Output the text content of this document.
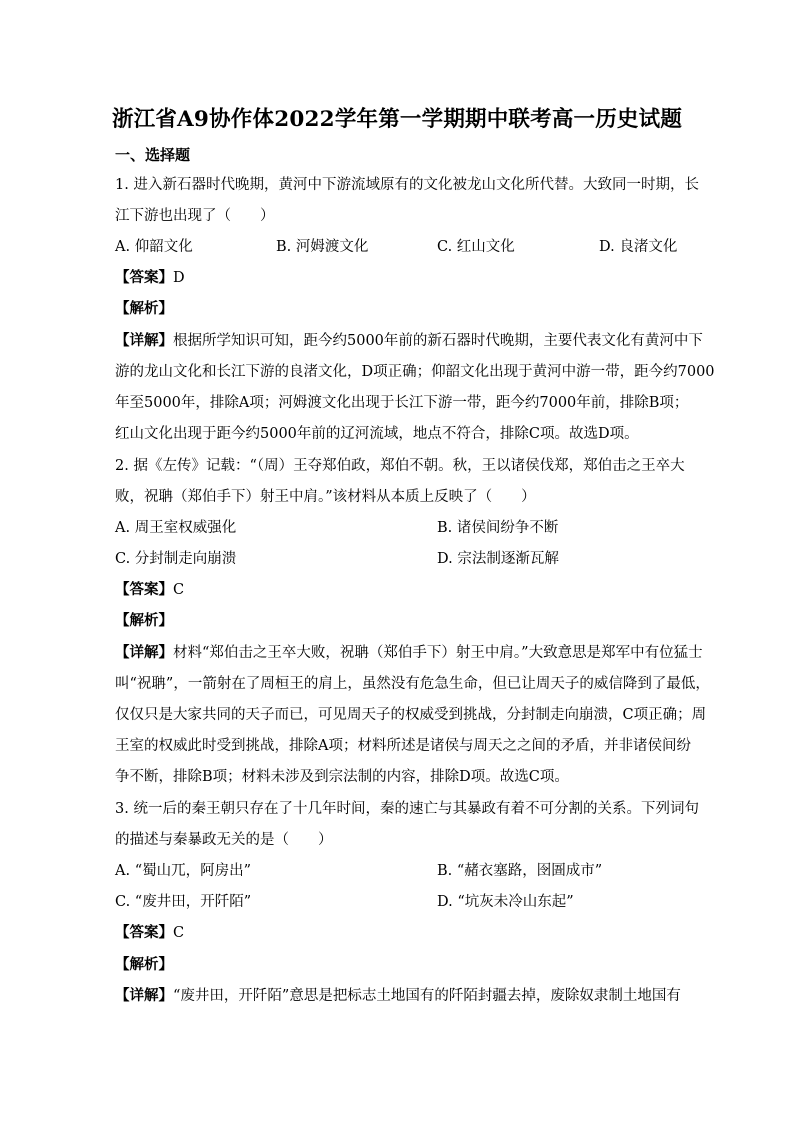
浙江省A9协作体2022学年第一学期期中联考高一历史试题
一、选择题
1. 进入新石器时代晚期，黄河中下游流域原有的文化被龙山文化所代替。大致同一时期，长
江下游也出现了（　　）
A. 仰韶文化	B. 河姆渡文化	C. 红山文化	D. 良渚文化
【答案】D
【解析】
【详解】根据所学知识可知，距今约5000年前的新石器时代晚期，主要代表文化有黄河中下
游的龙山文化和长江下游的良渚文化，D项正确；仰韶文化出现于黄河中游一带，距今约7000
年至5000年，排除A项；河姆渡文化出现于长江下游一带，距今约7000年前，排除B项；
红山文化出现于距今约5000年前的辽河流域，地点不符合，排除C项。故选D项。
2. 据《左传》记载：“（周）王夺郑伯政，郑伯不朝。秋，王以诸侯伐郑，郑伯击之王卒大
败，祝聃（郑伯手下）射王中肩。”该材料从本质上反映了（　　）
A. 周王室权威强化	B. 诸侯间纷争不断
C. 分封制走向崩溃	D. 宗法制逐渐瓦解
【答案】C
【解析】
【详解】材料“郑伯击之王卒大败，祝聃（郑伯手下）射王中肩。”大致意思是郑军中有位猛士
叫“祝聃”，一箭射在了周桓王的肩上，虽然没有危急生命，但已让周天子的威信降到了最低，
仅仅只是大家共同的天子而已，可见周天子的权威受到挑战，分封制走向崩溃，C项正确；周
王室的权威此时受到挑战，排除A项；材料所述是诸侯与周天之之间的矛盾，并非诸侯间纷
争不断，排除B项；材料未涉及到宗法制的内容，排除D项。故选C项。
3. 统一后的秦王朝只存在了十几年时间，秦的速亡与其暴政有着不可分割的关系。下列词句
的描述与秦暴政无关的是（　　）
A. “蜀山兀，阿房出”	B. “赭衣塞路，囹圄成市”
C. “废井田，开阡陌”	D. “坑灰未冷山东起”
【答案】C
【解析】
【详解】“废井田，开阡陌”意思是把标志土地国有的阡陌封疆去掉，废除奴隶制土地国有
